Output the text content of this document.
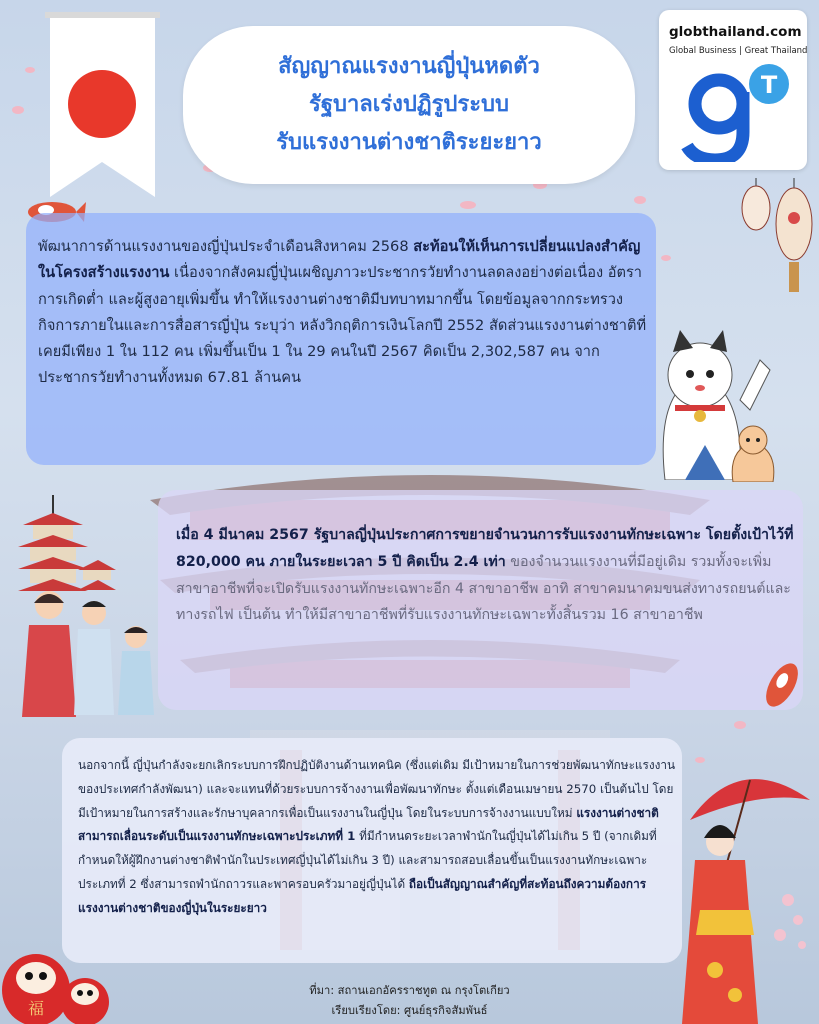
สัญญาณแรงงานญี่ปุ่นหดตัว
รัฐบาลเร่งปฏิรูประบบ
รับแรงงานต่างชาติระยะยาว
globthailand.com
Global Business | Great Thailand
T
พัฒนาการด้านแรงงานของญี่ปุ่นประจำเดือนสิงหาคม 2568 สะท้อนให้เห็นการเปลี่ยนแปลงสำคัญในโครงสร้างแรงงาน เนื่องจากสังคมญี่ปุ่นเผชิญภาวะประชากรวัยทำงานลดลงอย่างต่อเนื่อง อัตราการเกิดต่ำ และผู้สูงอายุเพิ่มขึ้น ทำให้แรงงานต่างชาติมีบทบาทมากขึ้น โดยข้อมูลจากกระทรวงกิจการภายในและการสื่อสารญี่ปุ่น ระบุว่า หลังวิกฤติการเงินโลกปี 2552 สัดส่วนแรงงานต่างชาติที่เคยมีเพียง 1 ใน 112 คน เพิ่มขึ้นเป็น 1 ใน 29 คนในปี 2567 คิดเป็น 2,302,587 คน จากประชากรวัยทำงานทั้งหมด 67.81 ล้านคน
เมื่อ 4 มีนาคม 2567 รัฐบาลญี่ปุ่นประกาศการขยายจำนวนการรับแรงงานทักษะเฉพาะ โดยตั้งเป้าไว้ที่ 820,000 คน ภายในระยะเวลา 5 ปี คิดเป็น 2.4 เท่า ของจำนวนแรงงานที่มีอยู่เดิม รวมทั้งจะเพิ่มสาขาอาชีพที่จะเปิดรับแรงงานทักษะเฉพาะอีก 4 สาขาอาชีพ อาทิ สาขาคมนาคมขนส่งทางรถยนต์และทางรถไฟ เป็นต้น ทำให้มีสาขาอาชีพที่รับแรงงานทักษะเฉพาะทั้งสิ้นรวม 16 สาขาอาชีพ
นอกจากนี้ ญี่ปุ่นกำลังจะยกเลิกระบบการฝึกปฏิบัติงานด้านเทคนิค (ซึ่งแต่เดิม มีเป้าหมายในการช่วยพัฒนาทักษะแรงงานของประเทศกำลังพัฒนา) และจะแทนที่ด้วยระบบการจ้างงานเพื่อพัฒนาทักษะ ตั้งแต่เดือนเมษายน 2570 เป็นต้นไป โดยมีเป้าหมายในการสร้างและรักษาบุคลากรเพื่อเป็นแรงงานในญี่ปุ่น โดยในระบบการจ้างงานแบบใหม่ แรงงานต่างชาติสามารถเลื่อนระดับเป็นแรงงานทักษะเฉพาะประเภทที่ 1 ที่มีกำหนดระยะเวลาพำนักในญี่ปุ่นได้ไม่เกิน 5 ปี (จากเดิมที่กำหนดให้ผู้ฝึกงานต่างชาติพำนักในประเทศญี่ปุ่นได้ไม่เกิน 3 ปี) และสามารถสอบเลื่อนขึ้นเป็นแรงงานทักษะเฉพาะประเภทที่ 2 ซึ่งสามารถพำนักถาวรและพาครอบครัวมาอยู่ญี่ปุ่นได้ ถือเป็นสัญญาณสำคัญที่สะท้อนถึงความต้องการแรงงานต่างชาติของญี่ปุ่นในระยะยาว
福
ที่มา: สถานเอกอัครราชทูต ณ กรุงโตเกียว
เรียบเรียงโดย: ศูนย์ธุรกิจสัมพันธ์
